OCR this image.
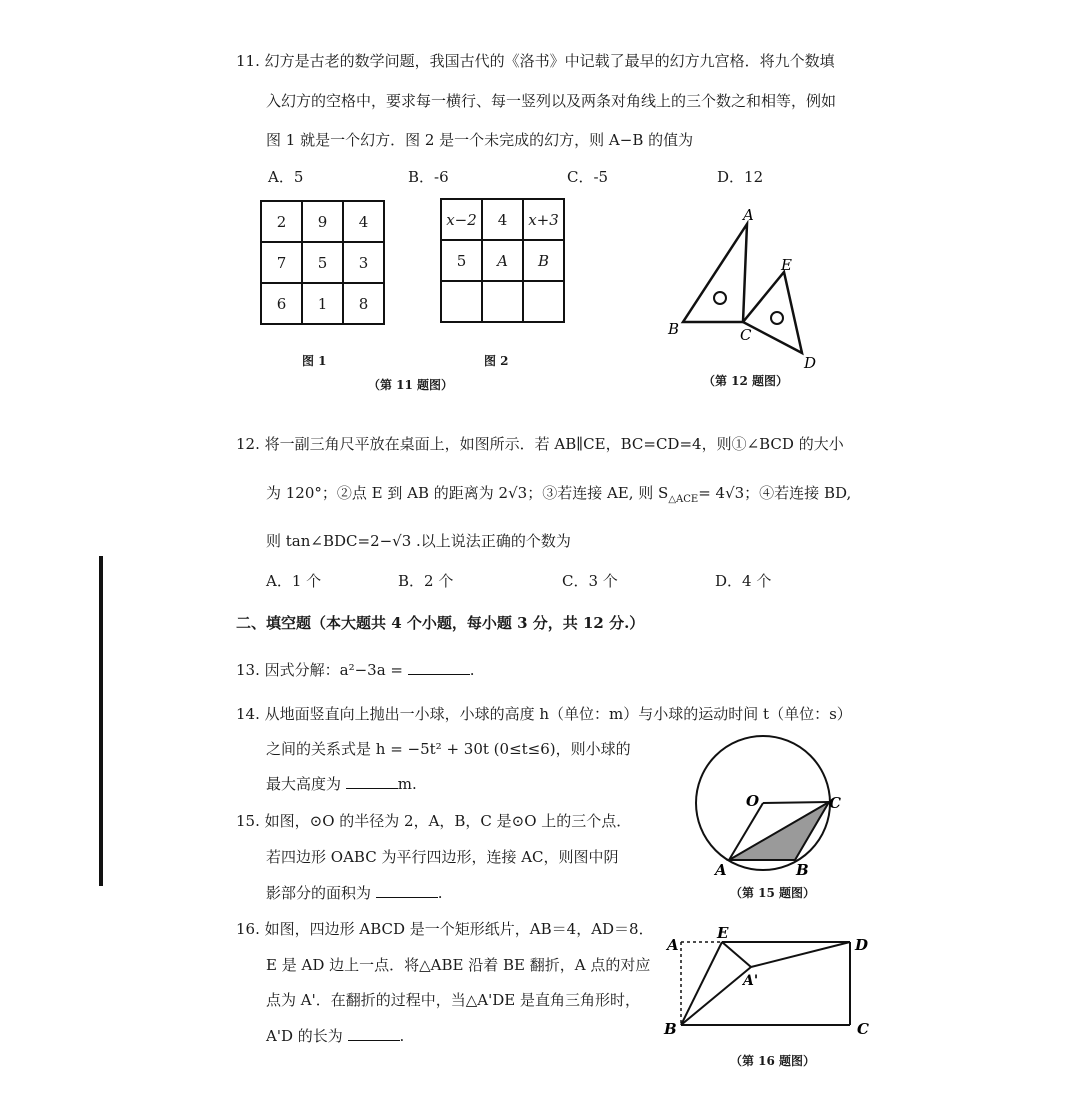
11. 幻方是古老的数学问题，我国古代的《洛书》中记载了最早的幻方九宫格．将九个数填
入幻方的空格中，要求每一横行、每一竖列以及两条对角线上的三个数之和相等，例如
图 1 就是一个幻方．图 2 是一个未完成的幻方，则 A−B 的值为
A．5	B．-6	C．-5	D．12
2	9	4
7	5	3
6	1	8
x−2	4	x+3
5	A	B

图 1	图 2
（第 11 题图）
A
B	C
D
E
（第 12 题图）
12. 将一副三角尺平放在桌面上，如图所示．若 AB∥CE，BC=CD=4，则①∠BCD 的大小
为 120°；②点 E 到 AB 的距离为 2√3；③若连接 AE, 则 $S_{\triangle ACE}= 4√3$；④若连接 BD,
则 tan∠BDC=2−√3 .以上说法正确的个数为
A．1 个	B．2 个	C．3 个	D．4 个
二、填空题（本大题共 4 个小题，每小题 3 分，共 12 分.）
13. 因式分解：a²−3a =	.
14. 从地面竖直向上抛出一小球，小球的高度 h（单位：m）与小球的运动时间 t（单位：s）
之间的关系式是 h = −5t² + 30t (0≤t≤6)，则小球的
最大高度为	m.
O	C
A	B
（第 15 题图）
15. 如图，⊙O 的半径为 2，A，B，C 是⊙O 上的三个点．
若四边形 OABC 为平行四边形，连接 AC，则图中阴
影部分的面积为	.
16. 如图，四边形 ABCD 是一个矩形纸片，AB＝4，AD＝8．
E 是 AD 边上一点．将△ABE 沿着 BE 翻折，A 点的对应
点为 A'．在翻折的过程中，当△A'DE 是直角三角形时，
A'D 的长为	.
A
E
D
A'
B	C
（第 16 题图）
